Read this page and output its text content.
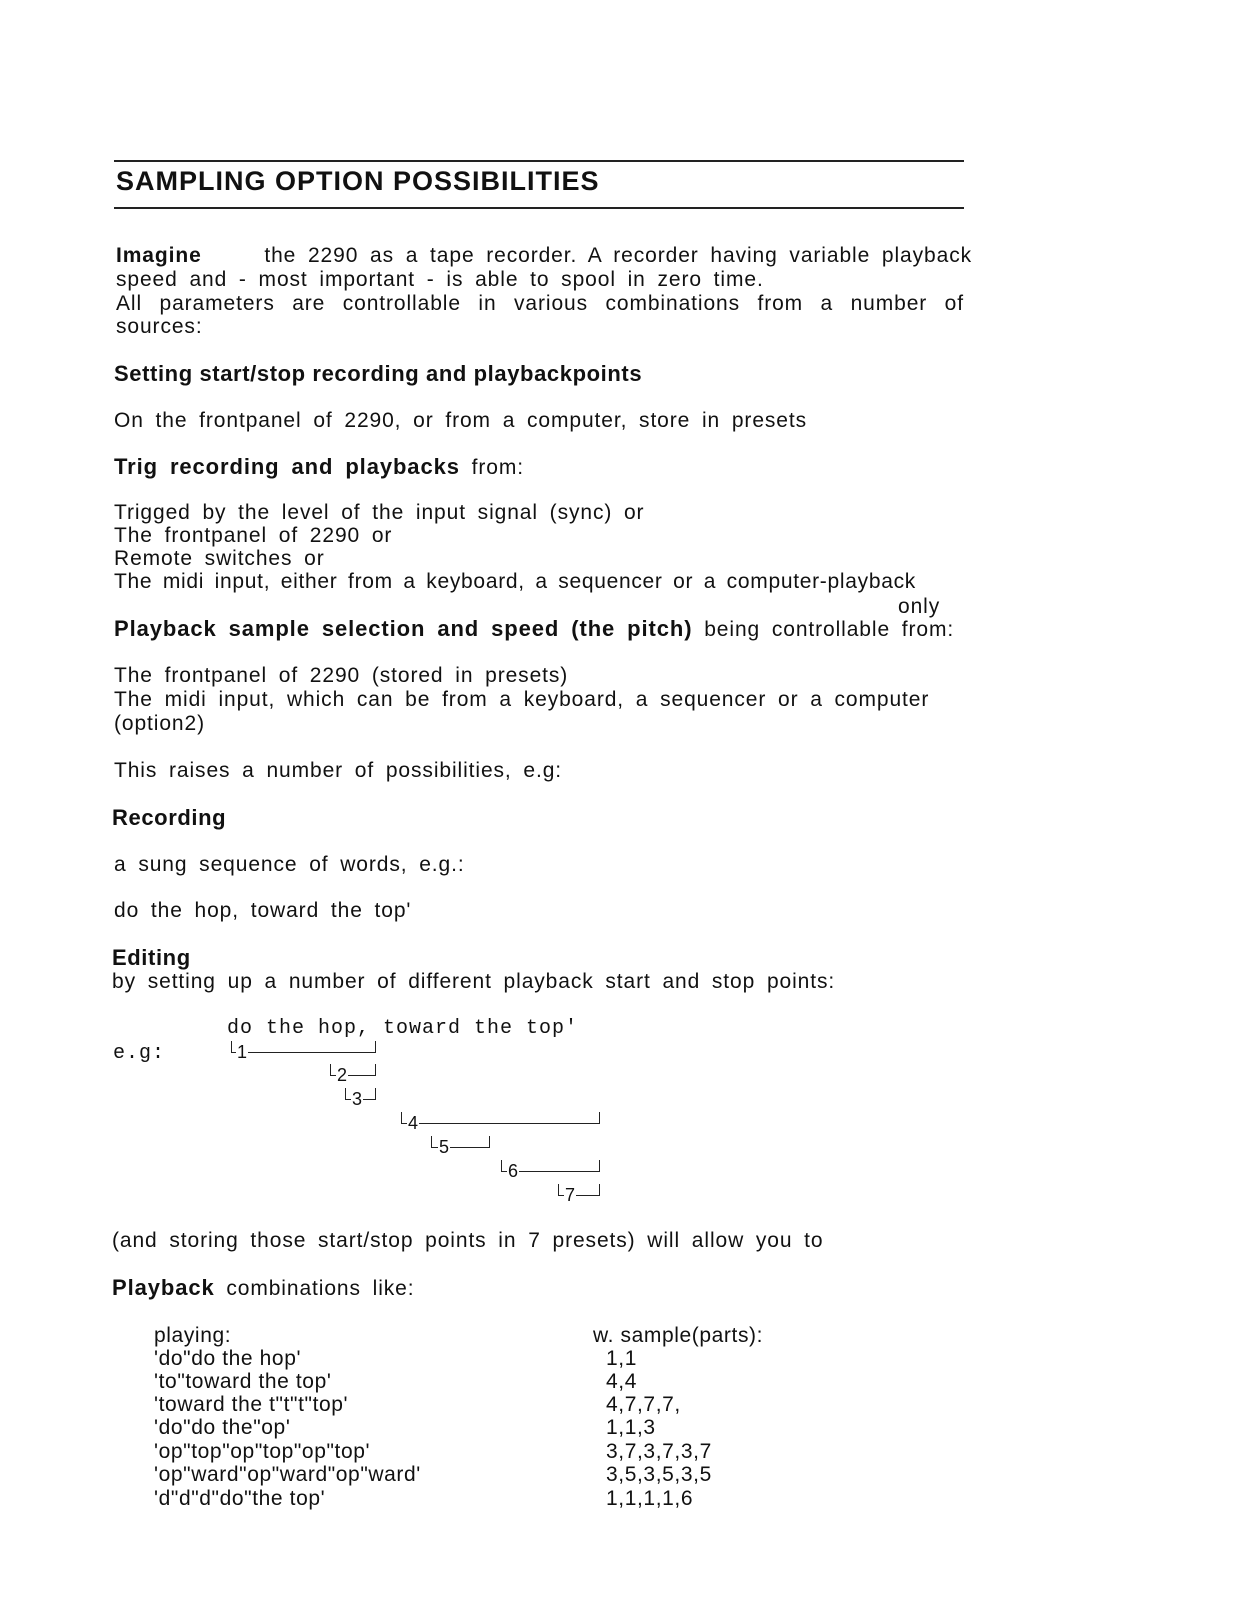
SAMPLING OPTION POSSIBILITIES
Imagine	the 2290 as a tape recorder. A recorder having variable playback
speed and - most important - is able to spool in zero time.
All parameters are controllable in various combinations from a number of
sources:
Setting start/stop recording and playbackpoints
On the frontpanel of 2290, or from a computer, store in presets
Trig recording and playbacks from:
Trigged by the level of the input signal (sync) or
The frontpanel of 2290 or
Remote switches or
The midi input, either from a keyboard, a sequencer or a computer-playback
only
Playback sample selection and speed (the pitch) being controllable from:
The frontpanel of 2290 (stored in presets)
The midi input, which can be from a keyboard, a sequencer or a computer
(option2)
This raises a number of possibilities, e.g:
Recording
a sung sequence of words, e.g.:
do the hop, toward the top'
Editing
by setting up a number of different playback start and stop points:
e.g:
do the hop, toward the top'
1
2
3
4
5
6
7
(and storing those start/stop points in 7 presets) will allow you to
Playback combinations like:
playing:	w. sample(parts):
'do"do the hop'	1,1
'to"toward the top'	4,4
'toward the t"t"t"top'	4,7,7,7,
'do"do the"op'	1,1,3
'op"top"op"top"op"top'	3,7,3,7,3,7
'op"ward"op"ward"op"ward'	3,5,3,5,3,5
'd"d"d"do"the top'	1,1,1,1,6
